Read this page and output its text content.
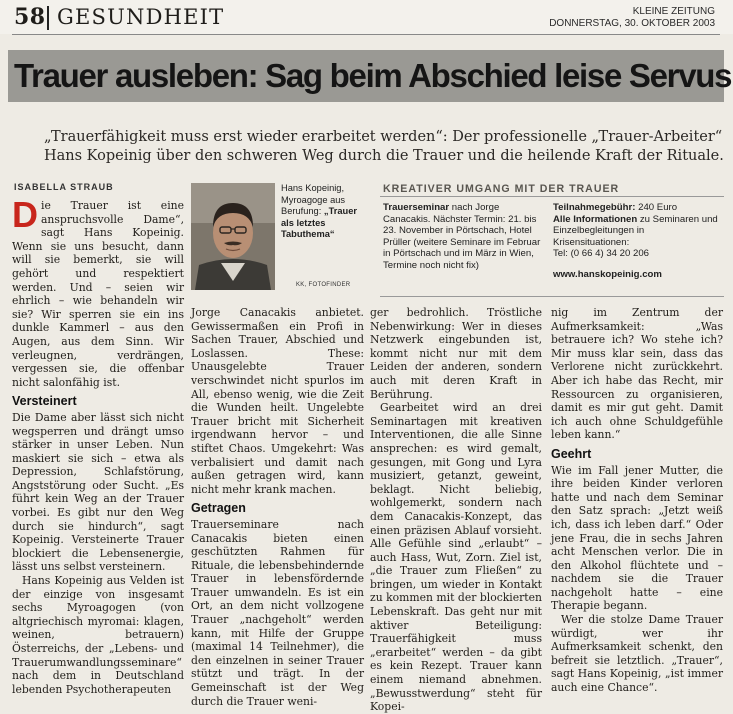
58 GESUNDHEIT	KLEINE ZEITUNG
DONNERSTAG, 30. OKTOBER 2003
Trauer ausleben: Sag beim Abschied leise Servus
„Trauerfähigkeit muss erst wieder erarbeitet werden“: Der professionelle „Trauer-Arbeiter“ Hans Kopeinig über den schweren Weg durch die Trauer und die heilende Kraft der Rituale.
ISABELLA STRAUB

Die Trauer ist eine anspruchsvolle Dame“, sagt Hans Kopeinig. Wenn sie uns besucht, dann will sie bemerkt, sie will gehört und respektiert werden. Und – seien wir ehrlich – wie behandeln wir sie? Wir sperren sie ein ins dunkle Kammerl – aus den Augen, aus dem Sinn. Wir verleugnen, verdrängen, vergessen sie, die offenbar nicht salonfähig ist.

Versteinert

Die Dame aber lässt sich nicht wegsperren und drängt umso stärker in unser Leben. Nun maskiert sie sich – etwa als Depression, Schlafstörung, Angststörung oder Sucht. „Es führt kein Weg an der Trauer vorbei. Es gibt nur den Weg durch sie hindurch“, sagt Kopeinig. Versteinerte Trauer blockiert die Lebensenergie, lässt uns selbst versteinern.

Hans Kopeinig aus Velden ist der einzige von insgesamt sechs Myroagogen (von altgriechisch myromai: klagen, weinen, betrauern) Österreichs, der „Lebens- und Trauerumwandlungsseminare“ nach dem in Deutschland lebenden Psychotherapeuten

Hans Kopeinig,
Myroagoge aus Berufung: „Trauer als letztes Tabuthema“
KK, FOTOFINDER
KREATIVER UMGANG MIT DER TRAUER
Trauerseminar nach Jorge Canacakis. Nächster Termin: 21. bis 23. November in Pörtschach, Hotel Prüller (weitere Seminare im Februar in Pörtschach und im März in Wien, Termine noch nicht fix)
Teilnahmegebühr: 240 Euro
Alle Informationen zu Seminaren und Einzelbegleitungen in Krisensituationen:
Tel: (0 66 4) 34 20 206
www.hanskopeinig.com

Jorge Canacakis anbietet. Gewissermaßen ein Profi in Sachen Trauer, Abschied und Loslassen. These: Unausgelebte Trauer verschwindet nicht spurlos im All, ebenso wenig, wie die Zeit die Wunden heilt. Ungelebte Trauer bricht mit Sicherheit irgendwann hervor – und stiftet Chaos. Umgekehrt: Was verbalisiert und damit nach außen getragen wird, kann nicht mehr krank machen.

Getragen

Trauerseminare nach Canacakis bieten einen geschützten Rahmen für Rituale, die lebensbehindernde Trauer in lebensfördernde Trauer umwandeln. Es ist ein Ort, an dem nicht vollzogene Trauer „nachgeholt“ werden kann, mit Hilfe der Gruppe (maximal 14 Teilnehmer), die den einzelnen in seiner Trauer stützt und trägt. In der Gemeinschaft ist der Weg durch die Trauer weni-

ger bedrohlich. Tröstliche Nebenwirkung: Wer in dieses Netzwerk eingebunden ist, kommt nicht nur mit dem Leiden der anderen, sondern auch mit deren Kraft in Berührung.

Gearbeitet wird an drei Seminartagen mit kreativen Interventionen, die alle Sinne ansprechen: es wird gemalt, gesungen, mit Gong und Lyra musiziert, getanzt, geweint, beklagt. Nicht beliebig, wohlgemerkt, sondern nach dem Canacakis-Konzept, das einen präzisen Ablauf vorsieht. Alle Gefühle sind „erlaubt“ – auch Hass, Wut, Zorn. Ziel ist, „die Trauer zum Fließen“ zu bringen, um wieder in Kontakt zu kommen mit der blockierten Lebenskraft. Das geht nur mit aktiver Beteiligung: Trauerfähigkeit muss „erarbeitet“ werden – da gibt es kein Rezept. Trauer kann einem niemand abnehmen. „Bewusstwerdung“ steht für Kopei-

nig im Zentrum der Aufmerksamkeit: „Was betrauere ich? Wo stehe ich? Mir muss klar sein, dass das Verlorene nicht zurückkehrt. Aber ich habe das Recht, mir Ressourcen zu organisieren, damit es mir gut geht. Damit ich auch ohne Schuldgefühle leben kann.“

Geehrt

Wie im Fall jener Mutter, die ihre beiden Kinder verloren hatte und nach dem Seminar den Satz sprach: „Jetzt weiß ich, dass ich leben darf.“ Oder jene Frau, die in sechs Jahren acht Menschen verlor. Die in den Alkohol flüchtete und – nachdem sie die Trauer nachgeholt hatte – eine Therapie begann.

Wer die stolze Dame Trauer würdigt, wer ihr Aufmerksamkeit schenkt, den befreit sie letztlich. „Trauer“, sagt Hans Kopeinig, „ist immer auch eine Chance“.
